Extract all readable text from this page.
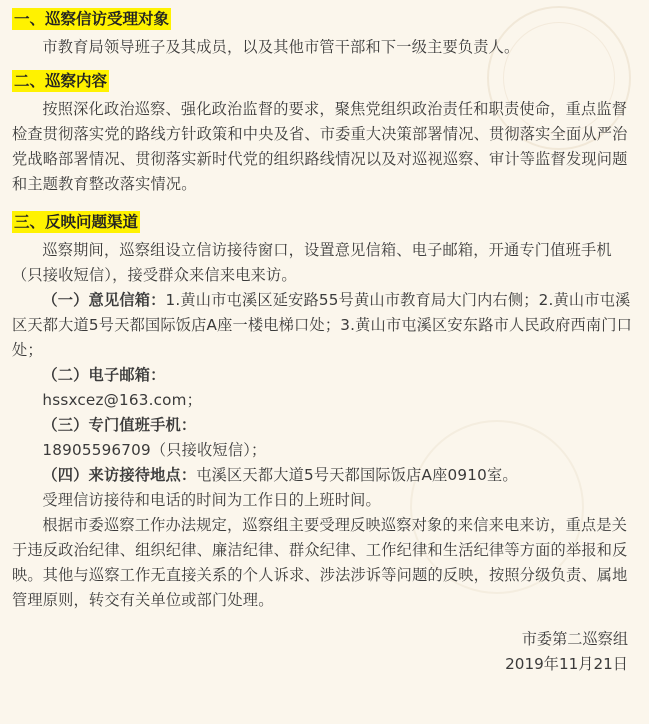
一、巡察信访受理对象

市教育局领导班子及其成员，以及其他市管干部和下一级主要负责人。

二、巡察内容

按照深化政治巡察、强化政治监督的要求，聚焦党组织政治责任和职责使命，重点监督检查贯彻落实党的路线方针政策和中央及省、市委重大决策部署情况、贯彻落实全面从严治党战略部署情况、贯彻落实新时代党的组织路线情况以及对巡视巡察、审计等监督发现问题和主题教育整改落实情况。

三、反映问题渠道

巡察期间，巡察组设立信访接待窗口，设置意见信箱、电子邮箱，开通专门值班手机（只接收短信），接受群众来信来电来访。

（一）意见信箱：1.黄山市屯溪区延安路55号黄山市教育局大门内右侧；2.黄山市屯溪区天都大道5号天都国际饭店A座一楼电梯口处；3.黄山市屯溪区安东路市人民政府西南门口处；

（二）电子邮箱：

hssxcez@163.com；

（三）专门值班手机：

18905596709（只接收短信）；

（四）来访接待地点：屯溪区天都大道5号天都国际饭店A座0910室。

受理信访接待和电话的时间为工作日的上班时间。

根据市委巡察工作办法规定，巡察组主要受理反映巡察对象的来信来电来访，重点是关于违反政治纪律、组织纪律、廉洁纪律、群众纪律、工作纪律和生活纪律等方面的举报和反映。其他与巡察工作无直接关系的个人诉求、涉法涉诉等问题的反映，按照分级负责、属地管理原则，转交有关单位或部门处理。

市委第二巡察组

2019年11月21日
